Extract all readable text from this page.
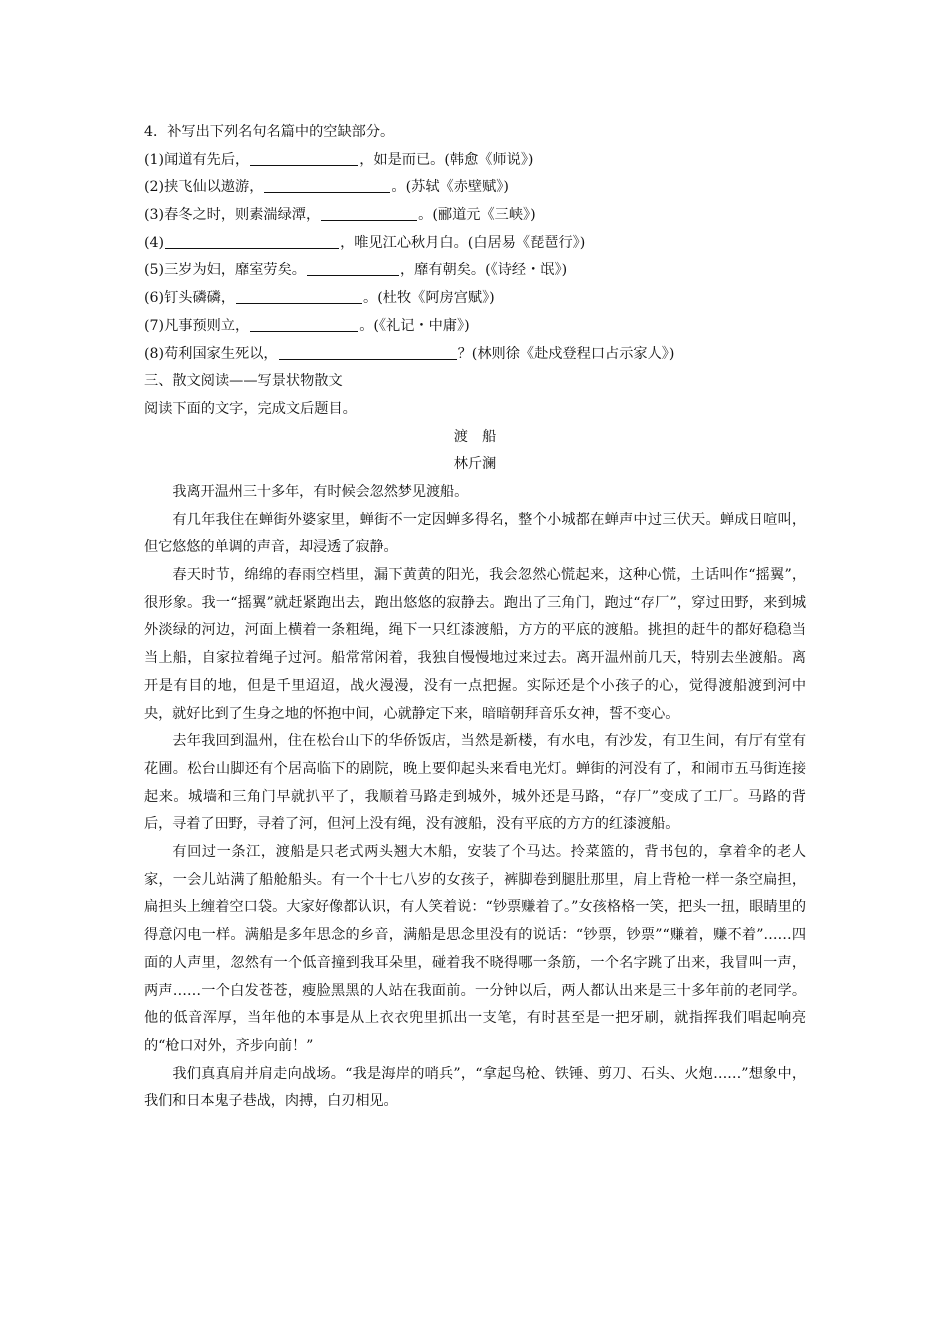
4．补写出下列名句名篇中的空缺部分。
(1)闻道有先后，	，如是而已。(韩愈《师说》)
(2)挟飞仙以遨游，	。(苏轼《赤壁赋》)
(3)春冬之时，则素湍绿潭，	。(郦道元《三峡》)
(4)	，唯见江心秋月白。(白居易《琵琶行》)
(5)三岁为妇，靡室劳矣。	，靡有朝矣。(《诗经・氓》)
(6)钉头磷磷，	。(杜牧《阿房宫赋》)
(7)凡事预则立，	。(《礼记・中庸》)
(8)苟利国家生死以，	？(林则徐《赴戍登程口占示家人》)
三、散文阅读——写景状物散文
阅读下面的文字，完成文后题目。
渡　船
林斤澜

我离开温州三十多年，有时候会忽然梦见渡船。

有几年我住在蝉街外婆家里，蝉街不一定因蝉多得名，整个小城都在蝉声中过三伏天。蝉成日喧叫，但它悠悠的单调的声音，却浸透了寂静。

春天时节，绵绵的春雨空档里，漏下黄黄的阳光，我会忽然心慌起来，这种心慌，土话叫作“摇翼”，很形象。我一“摇翼”就赶紧跑出去，跑出悠悠的寂静去。跑出了三角门，跑过“存厂”，穿过田野，来到城外淡绿的河边，河面上横着一条粗绳，绳下一只红漆渡船，方方的平底的渡船。挑担的赶牛的都好稳稳当当上船，自家拉着绳子过河。船常常闲着，我独自慢慢地过来过去。离开温州前几天，特别去坐渡船。离开是有目的地，但是千里迢迢，战火漫漫，没有一点把握。实际还是个小孩子的心，觉得渡船渡到河中央，就好比到了生身之地的怀抱中间，心就静定下来，暗暗朝拜音乐女神，誓不变心。

去年我回到温州，住在松台山下的华侨饭店，当然是新楼，有水电，有沙发，有卫生间，有厅有堂有花圃。松台山脚还有个居高临下的剧院，晚上要仰起头来看电光灯。蝉街的河没有了，和闹市五马街连接起来。城墙和三角门早就扒平了，我顺着马路走到城外，城外还是马路，“存厂”变成了工厂。马路的背后，寻着了田野，寻着了河，但河上没有绳，没有渡船，没有平底的方方的红漆渡船。

有回过一条江，渡船是只老式两头翘大木船，安装了个马达。拎菜篮的，背书包的，拿着伞的老人家，一会儿站满了船舱船头。有一个十七八岁的女孩子，裤脚卷到腿肚那里，肩上背枪一样一条空扁担，扁担头上缠着空口袋。大家好像都认识，有人笑着说：“钞票赚着了。”女孩格格一笑，把头一扭，眼睛里的得意闪电一样。满船是多年思念的乡音，满船是思念里没有的说话：“钞票，钞票”“赚着，赚不着”……四面的人声里，忽然有一个低音撞到我耳朵里，碰着我不晓得哪一条筋，一个名字跳了出来，我冒叫一声，两声……一个白发苍苍，瘦脸黑黑的人站在我面前。一分钟以后，两人都认出来是三十多年前的老同学。他的低音浑厚，当年他的本事是从上衣衣兜里抓出一支笔，有时甚至是一把牙刷，就指挥我们唱起响亮的“枪口对外，齐步向前！”

我们真真肩并肩走向战场。“我是海岸的哨兵”，“拿起鸟枪、铁锤、剪刀、石头、火炮……”想象中，我们和日本鬼子巷战，肉搏，白刃相见。
